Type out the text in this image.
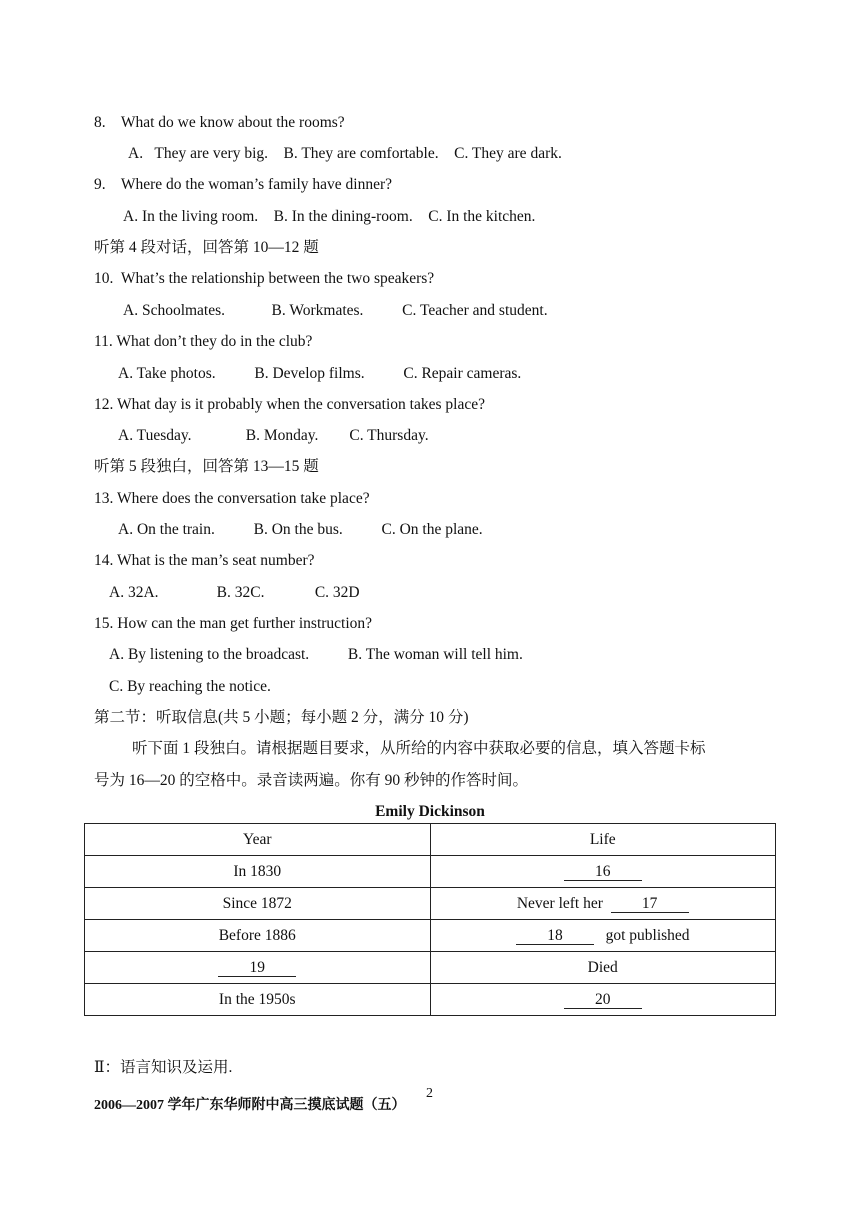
8.    What do we know about the rooms?
A.   They are very big.    B. They are comfortable.    C. They are dark.
9.    Where do the woman’s family have dinner?
A. In the living room.    B. In the dining-room.    C. In the kitchen.
听第 4 段对话，回答第 10—12 题
10.  What’s the relationship between the two speakers?
A. Schoolmates.            B. Workmates.          C. Teacher and student.
11. What don’t they do in the club?
A. Take photos.          B. Develop films.          C. Repair cameras.
12. What day is it probably when the conversation takes place?
A. Tuesday.              B. Monday.        C. Thursday.
听第 5 段独白，回答第 13—15 题
13. Where does the conversation take place?
A. On the train.          B. On the bus.          C. On the plane.
14. What is the man’s seat number?
A. 32A.               B. 32C.             C. 32D
15. How can the man get further instruction?
A. By listening to the broadcast.          B. The woman will tell him.
C. By reaching the notice.
第二节：听取信息(共 5 小题；每小题 2 分，满分 10 分)
听下面 1 段独白。请根据题目要求，从所给的内容中获取必要的信息，填入答题卡标
号为 16—20 的空格中。录音读两遍。你有 90 秒钟的作答时间。
Emily Dickinson
Year	Life
In 1830	16
Since 1872	Never left her  17
Before 1886	18   got published
19	Died
In the 1950s	20
Ⅱ：语言知识及运用.
2006—2007 学年广东华师附中高三摸底试题（五）
2
